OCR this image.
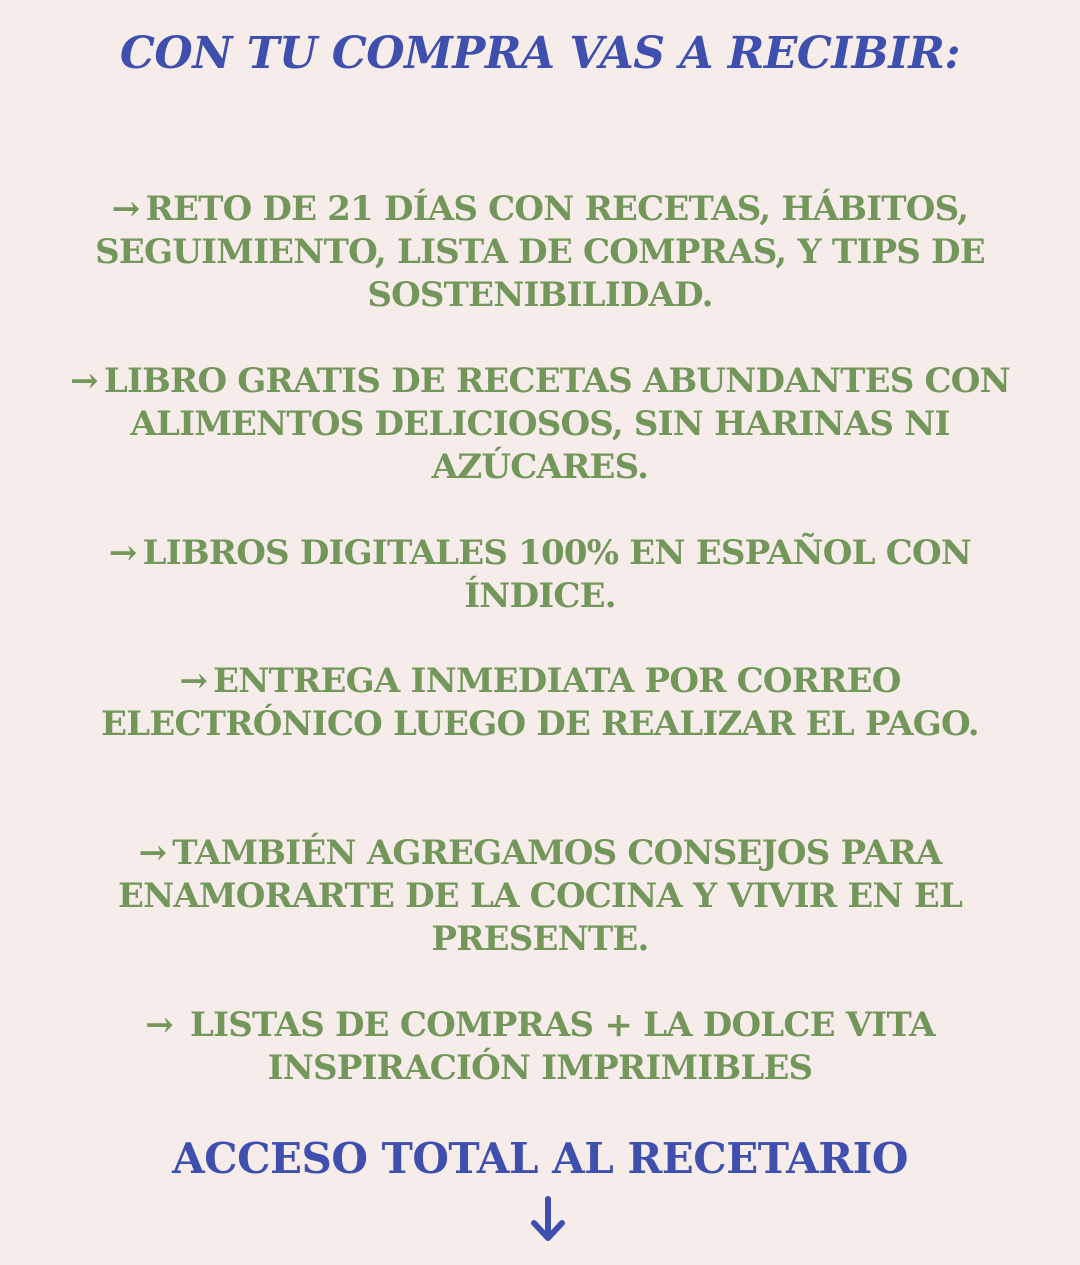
CON TU COMPRA VAS A RECIBIR:

→ RETO DE 21 DÍAS CON RECETAS, HÁBITOS, SEGUIMIENTO, LISTA DE COMPRAS, Y TIPS DE SOSTENIBILIDAD.

→ LIBRO GRATIS DE RECETAS ABUNDANTES CON ALIMENTOS DELICIOSOS, SIN HARINAS NI AZÚCARES.

→ LIBROS DIGITALES 100% EN ESPAÑOL CON ÍNDICE.

→ ENTREGA INMEDIATA POR CORREO ELECTRÓNICO LUEGO DE REALIZAR EL PAGO.

→ TAMBIÉN AGREGAMOS CONSEJOS PARA ENAMORARTE DE LA COCINA Y VIVIR EN EL PRESENTE.

→ LISTAS DE COMPRAS + LA DOLCE VITA INSPIRACIÓN IMPRIMIBLES

ACCESO TOTAL AL RECETARIO
